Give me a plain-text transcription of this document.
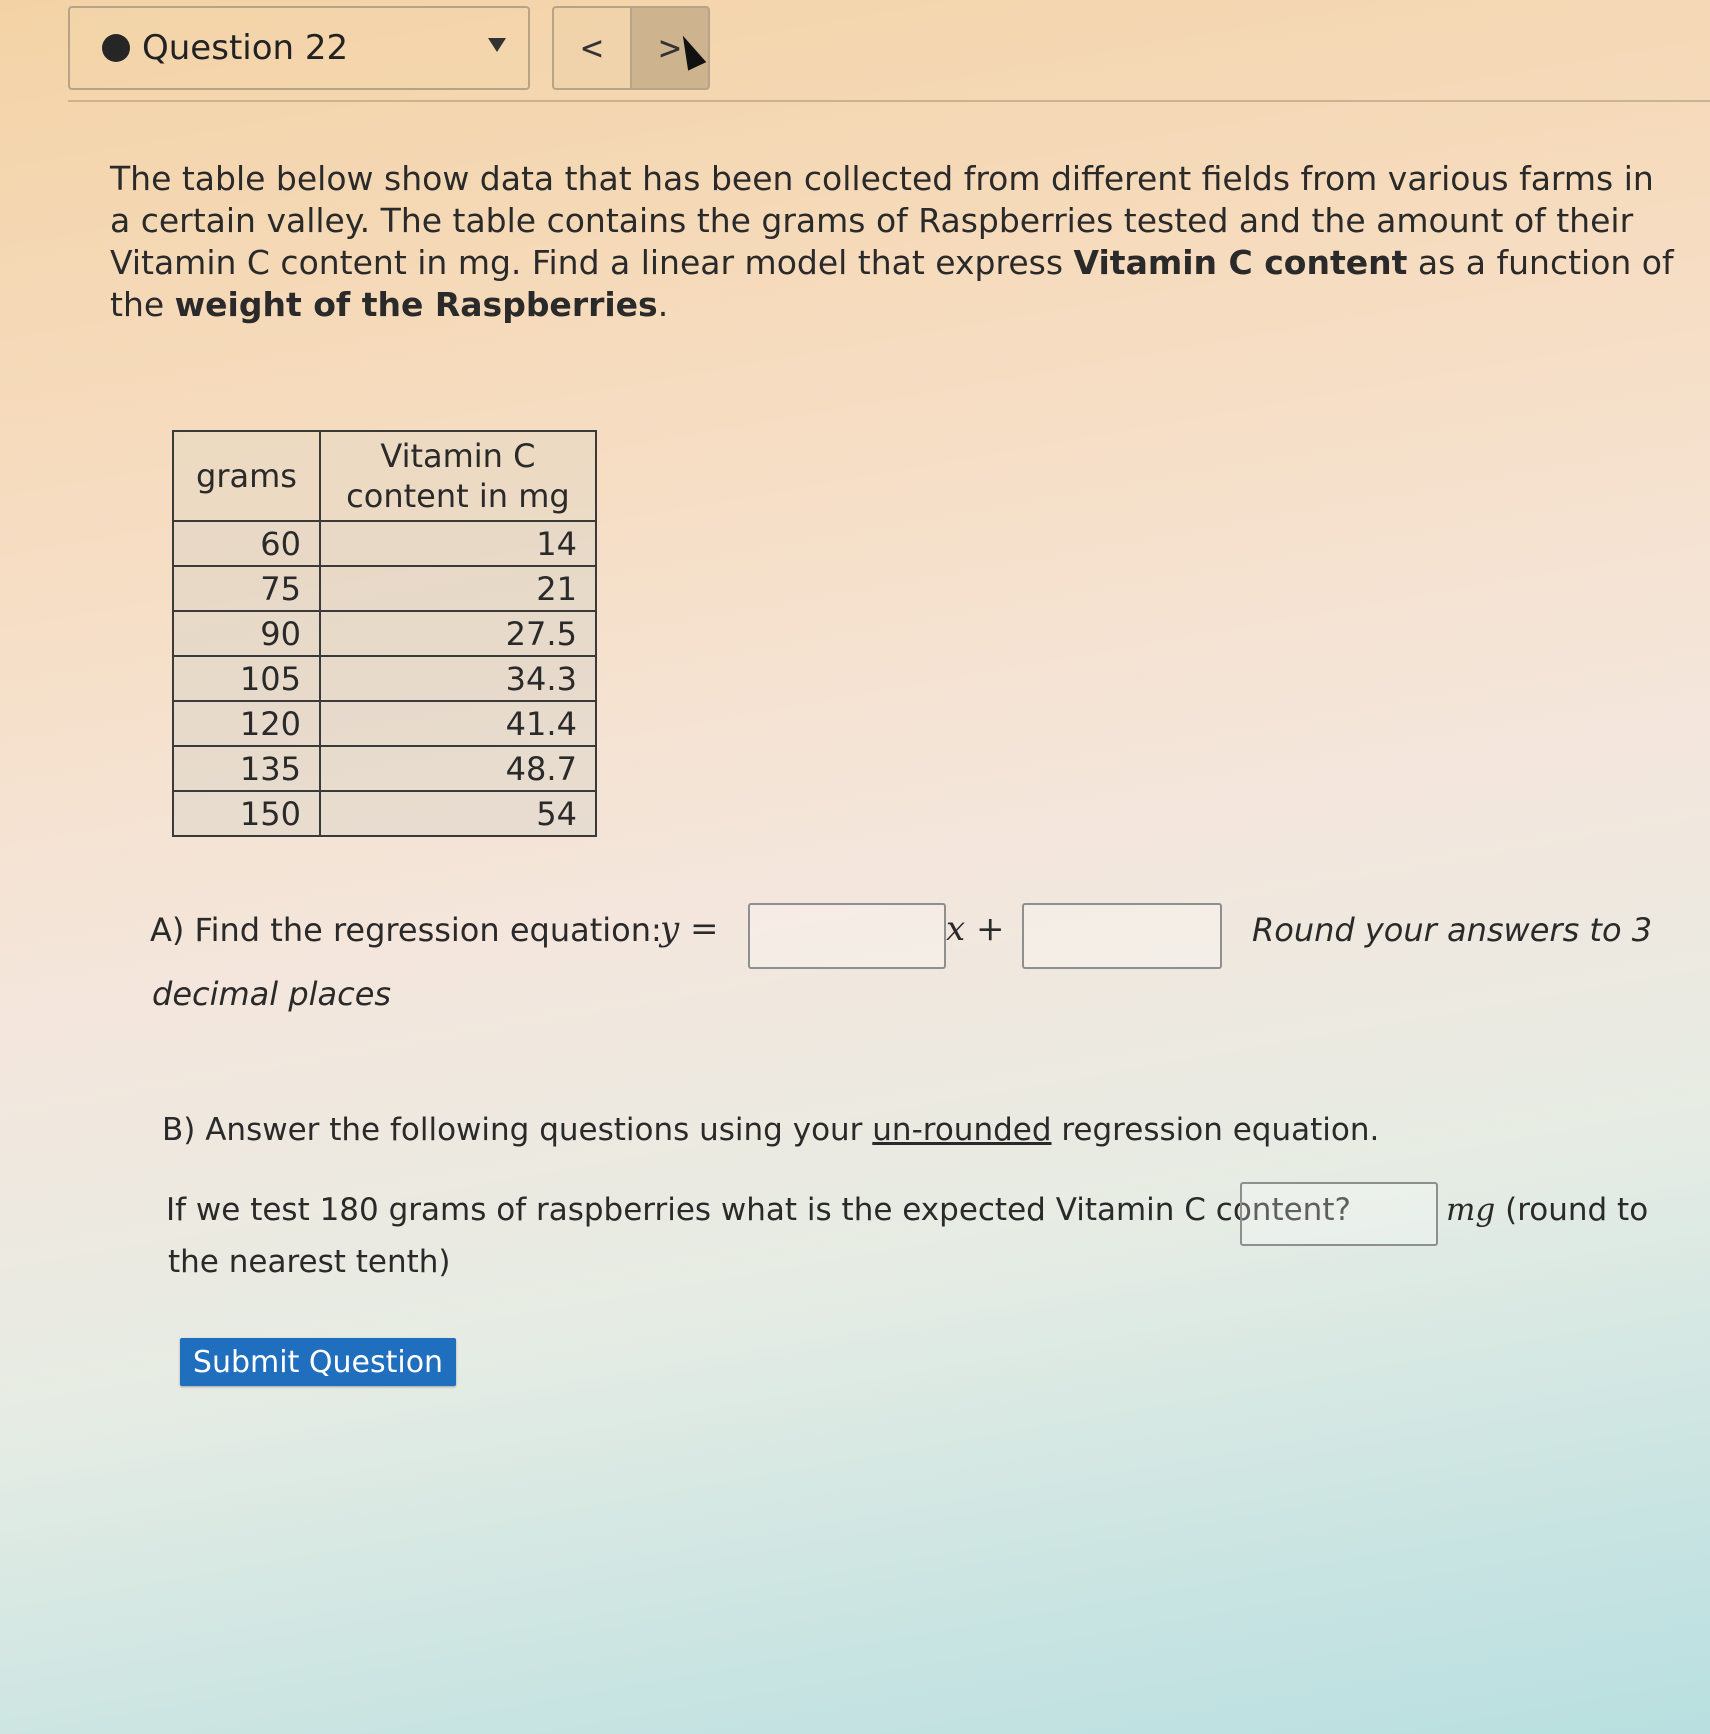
Question 22	<	>
The table below show data that has been collected from different fields from various farms in a certain valley. The table contains the grams of Raspberries tested and the amount of their Vitamin C content in mg. Find a linear model that express Vitamin C content as a function of the weight of the Raspberries.
grams	Vitamin C content in mg
60	14
75	21
90	27.5
105	34.3
120	41.4
135	48.7
150	54
A) Find the regression equation:
y =	x +	Round your answers to 3
decimal places
B) Answer the following questions using your un-rounded regression equation.
If we test 180 grams of raspberries what is the expected Vitamin C content?	mg (round to
the nearest tenth)
Submit Question
